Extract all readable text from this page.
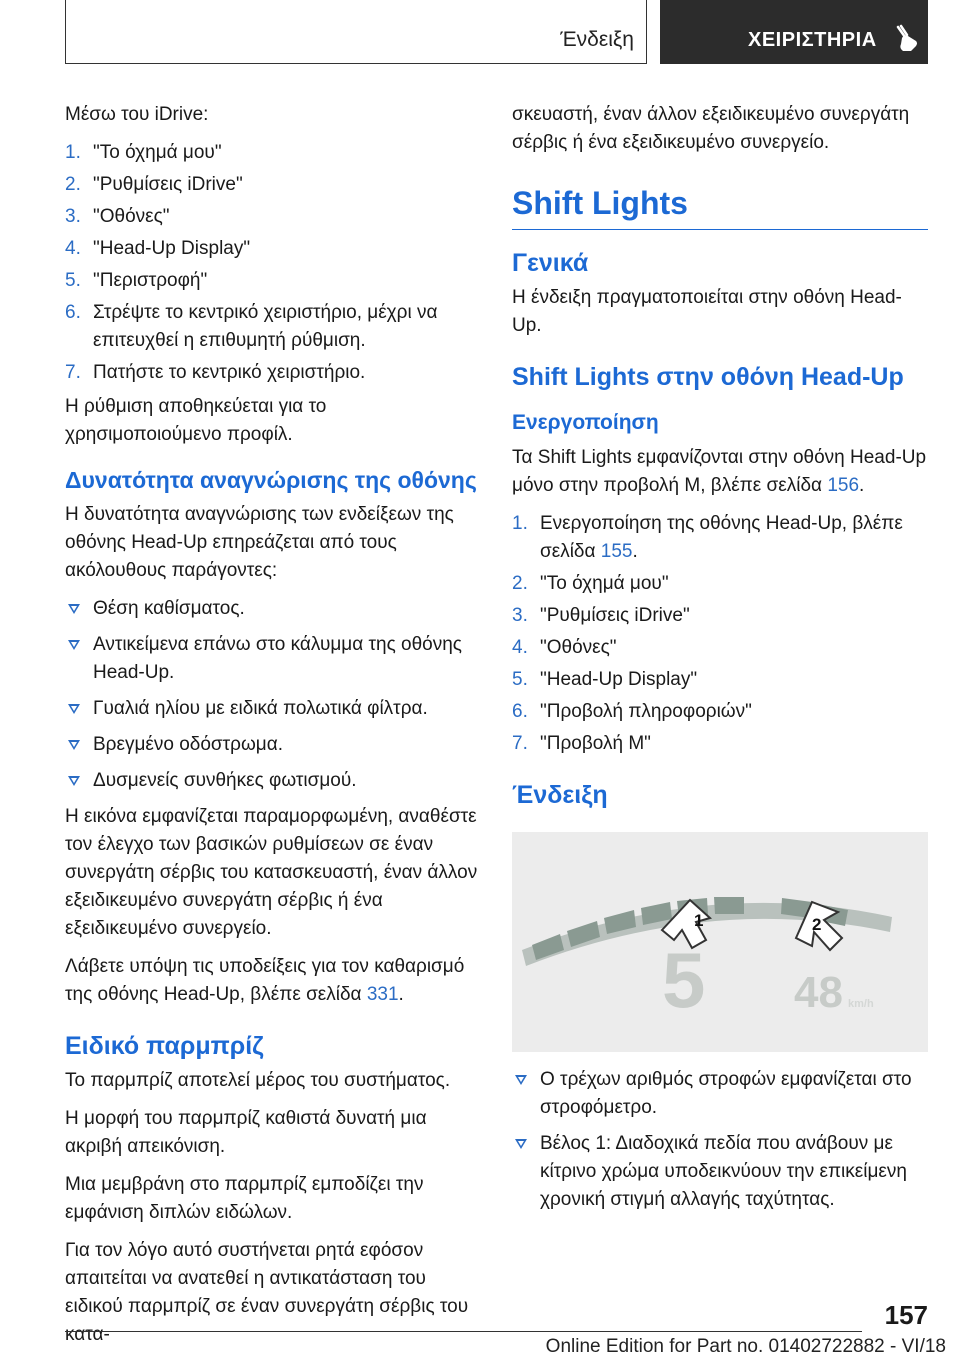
Ένδειξη	ΧΕΙΡΙΣΤΗΡΙΑ

Μέσω του iDrive:

1. "Το όχημά μου"
2. "Ρυθμίσεις iDrive"
3. "Οθόνες"
4. "Head-Up Display"
5. "Περιστροφή"
6. Στρέψτε το κεντρικό χειριστήριο, μέχρι να επιτευχθεί η επιθυμητή ρύθμιση.
7. Πατήστε το κεντρικό χειριστήριο.

Η ρύθμιση αποθηκεύεται για το χρησιμοποιούμενο προφίλ.

Δυνατότητα αναγνώρισης της οθόνης

Η δυνατότητα αναγνώρισης των ενδείξεων της οθόνης Head-Up επηρεάζεται από τους ακόλουθους παράγοντες:

Θέση καθίσματος.
Αντικείμενα επάνω στο κάλυμμα της οθόνης Head-Up.
Γυαλιά ηλίου με ειδικά πολωτικά φίλτρα.
Βρεγμένο οδόστρωμα.
Δυσμενείς συνθήκες φωτισμού.

Η εικόνα εμφανίζεται παραμορφωμένη, αναθέστε τον έλεγχο των βασικών ρυθμίσεων σε έναν συνεργάτη σέρβις του κατασκευαστή, έναν άλλον εξειδικευμένο συνεργάτη σέρβις ή ένα εξειδικευμένο συνεργείο.

Λάβετε υπόψη τις υποδείξεις για τον καθαρισμό της οθόνης Head-Up, βλέπε σελίδα 331.

Ειδικό παρμπρίζ

Το παρμπρίζ αποτελεί μέρος του συστήματος.

Η μορφή του παρμπρίζ καθιστά δυνατή μια ακριβή απεικόνιση.

Μια μεμβράνη στο παρμπρίζ εμποδίζει την εμφάνιση διπλών ειδώλων.

Για τον λόγο αυτό συστήνεται ρητά εφόσον απαιτείται να ανατεθεί η αντικατάσταση του ειδικού παρμπρίζ σε έναν συνεργάτη σέρβις του κατα-

σκευαστή, έναν άλλον εξειδικευμένο συνεργάτη σέρβις ή ένα εξειδικευμένο συνεργείο.

Shift Lights
Γενικά

Η ένδειξη πραγματοποιείται στην οθόνη Head-Up.

Shift Lights στην οθόνη Head-Up
Ενεργοποίηση

Τα Shift Lights εμφανίζονται στην οθόνη Head-Up μόνο στην προβολή M, βλέπε σελίδα 156.

1. Ενεργοποίηση της οθόνης Head-Up, βλέπε σελίδα 155.
2. "Το όχημά μου"
3. "Ρυθμίσεις iDrive"
4. "Οθόνες"
5. "Head-Up Display"
6. "Προβολή πληροφοριών"
7. "Προβολή M"
Ένδειξη
1	2
5 48 km/h
Ο τρέχων αριθμός στροφών εμφανίζεται στο στροφόμετρο.
Βέλος 1: Διαδοχικά πεδία που ανάβουν με κίτρινο χρώμα υποδεικνύουν την επικείμενη χρονική στιγμή αλλαγής ταχύτητας.
157
Online Edition for Part no. 01402722882 - VI/18
